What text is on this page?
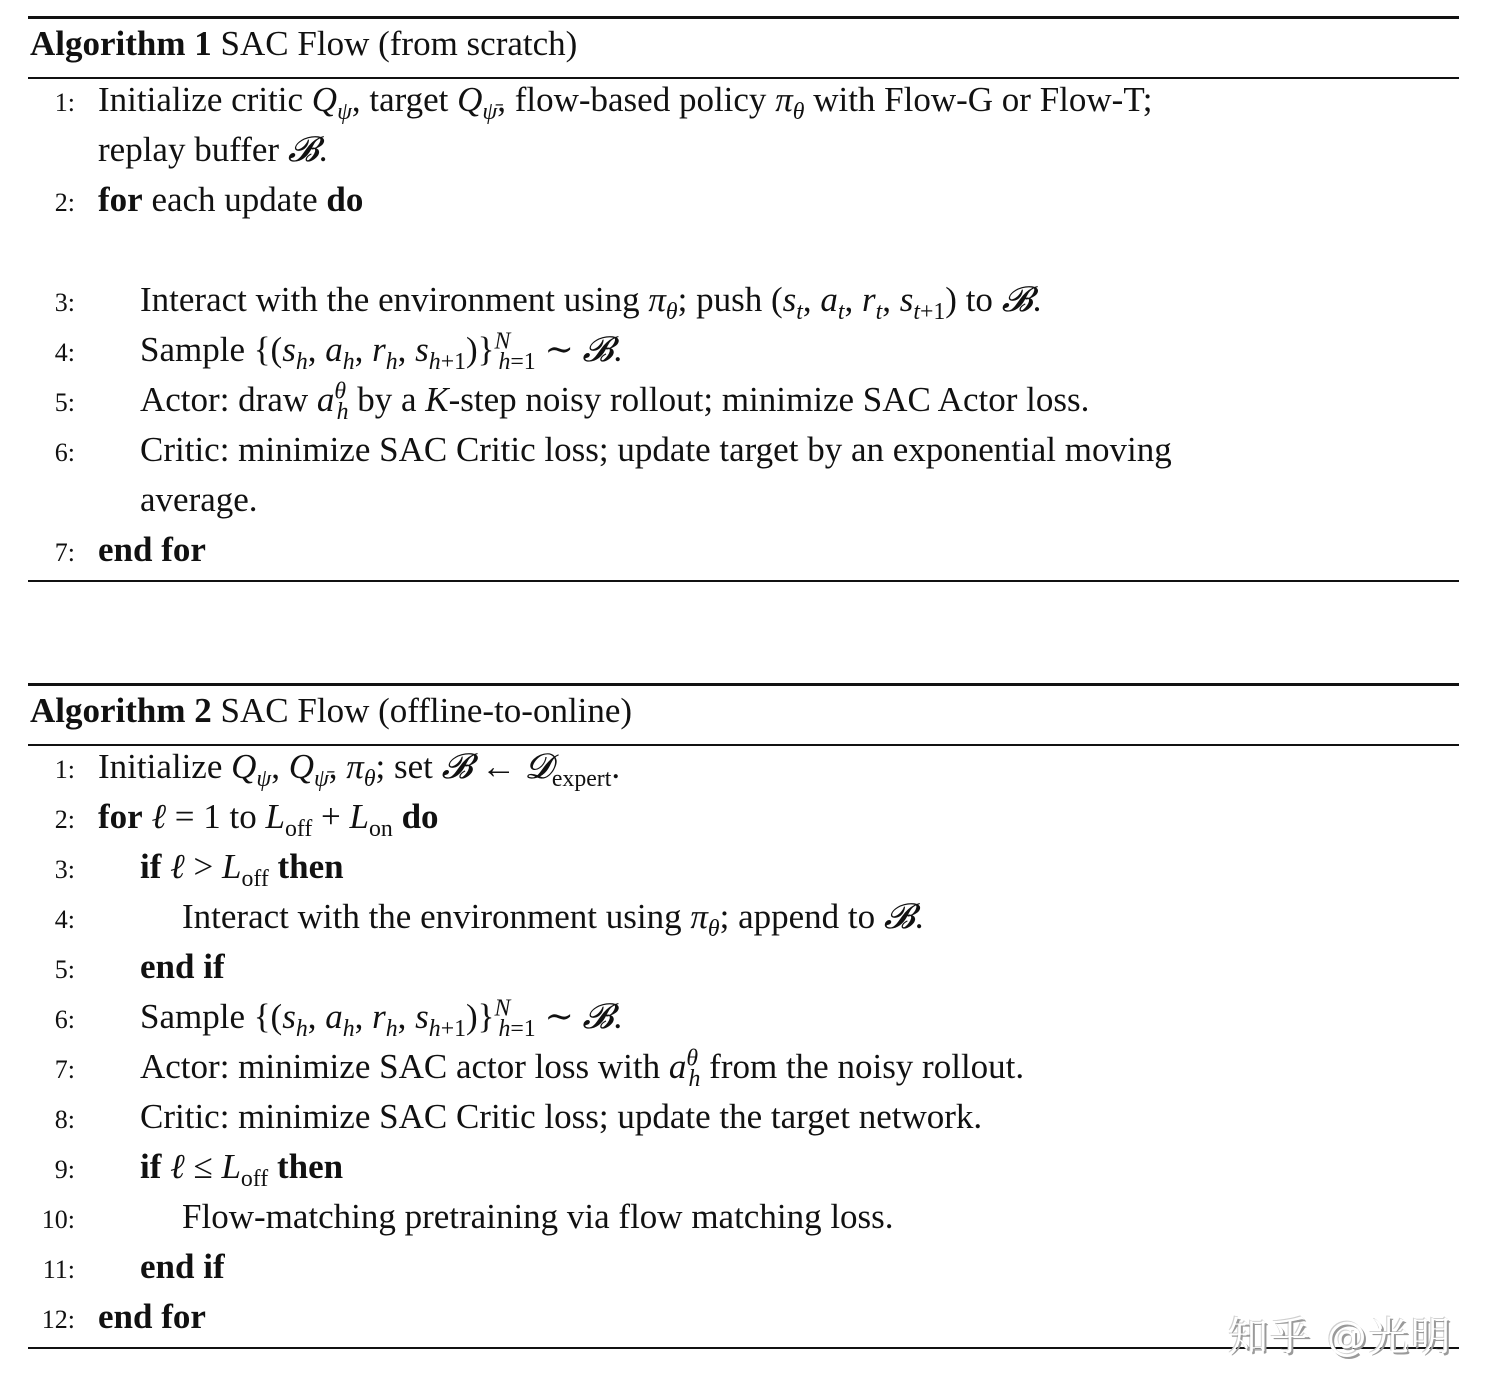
Algorithm 1 SAC Flow (from scratch)
1: Initialize critic $Q_\psi$, target $Q_{\psī}$, flow-based policy $\pi_\theta$ with Flow-G or Flow-T;
replay buffer 𝓑.
2: for each update do
3: Interact with the environment using $\pi_\theta$; push ($s_t$, $a_t$, $r_t$, $s_{t+1}$) to 𝓑.
4: Sample {($s_h$, $a_h$, $r_h$, $s_{h+1})\}^N_{h=1}$ ∼ 𝓑.
5: Actor: draw $a^\theta_h$ by a K-step noisy rollout; minimize SAC Actor loss.
6: Critic: minimize SAC Critic loss; update target by an exponential moving
average.
7: end for
Algorithm 2 SAC Flow (offline-to-online)
1: Initialize $Q_\psi$, $Q_{\psī}$, $\pi_\theta$; set 𝓑 ← 𝓓$_{expert}$.
2: for ℓ = 1 to $L_{off} + L_{on}$ do
3: if ℓ > $L_{off}$ then
4:	Interact with the environment using $\pi_\theta$; append to 𝓑.
5: end if
6: Sample {($s_h$, $a_h$, $r_h$, $s_{h+1})\}^N_{h=1}$ ∼ 𝓑.
7: Actor: minimize SAC actor loss with $a^\theta_h$ from the noisy rollout.
8: Critic: minimize SAC Critic loss; update the target network.
9: if ℓ ≤ $L_{off}$ then
10:	Flow-matching pretraining via flow matching loss.
11: end if
12: end for	知乎 @光明
